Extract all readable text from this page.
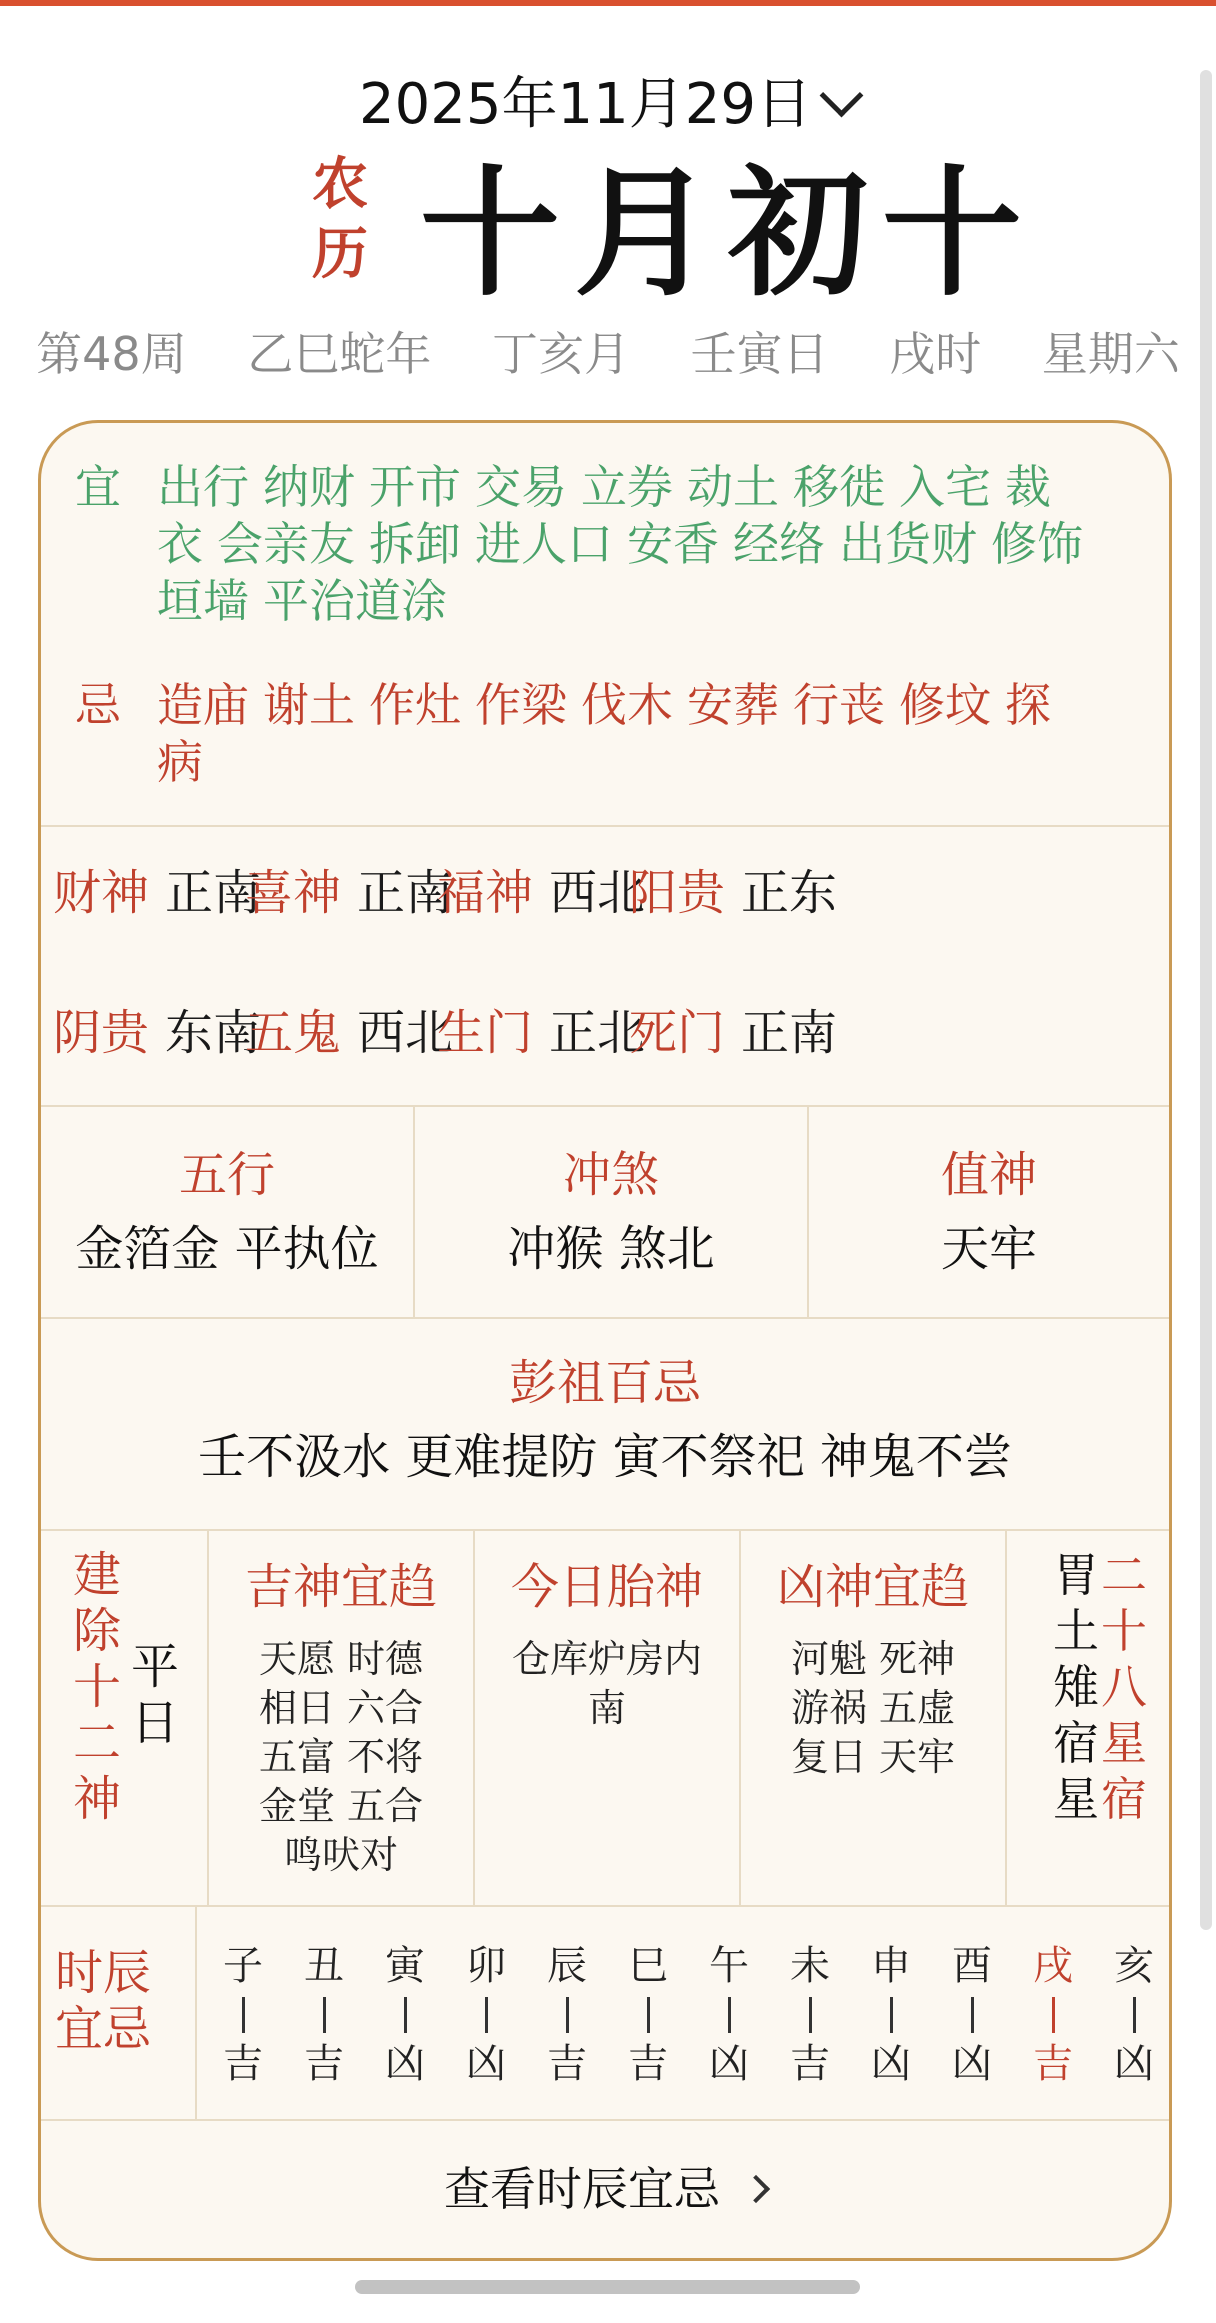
2025年11月29日
农
历 十月初十
第48周 乙巳蛇年 丁亥月 壬寅日 戌时 星期六
宜 出行 纳财 开市 交易 立券 动土 移徙 入宅 裁
衣 会亲友 拆卸 进人口 安香 经络 出货财 修饰
垣墙 平治道涂
忌 造庙 谢土 作灶 作梁 伐木 安葬 行丧 修坟 探
病
财神 正南
喜神 正南
福神 西北
阳贵 正东
阴贵 东南
五鬼 西北
生门 正北
死门 正南
五行
金箔金 平执位
冲煞
冲猴 煞北
值神
天牢
彭祖百忌
壬不汲水 更难提防 寅不祭祀 神鬼不尝
建
除
十
二
神
平
日
吉神宜趋
天愿 时德
相日 六合
五富 不将
金堂 五合
鸣吠对
今日胎神
仓库炉房内
南
凶神宜趋
河魁 死神
游祸 五虚
复日 天牢
胃
土
雉
宿
星
二
十
八
星
宿
时辰
宜忌
子
吉
丑
吉
寅
凶
卯
凶
辰
吉
巳
吉
午
凶
未
吉
申
凶
酉
凶
戌
吉
亥
凶
查看时辰宜忌
